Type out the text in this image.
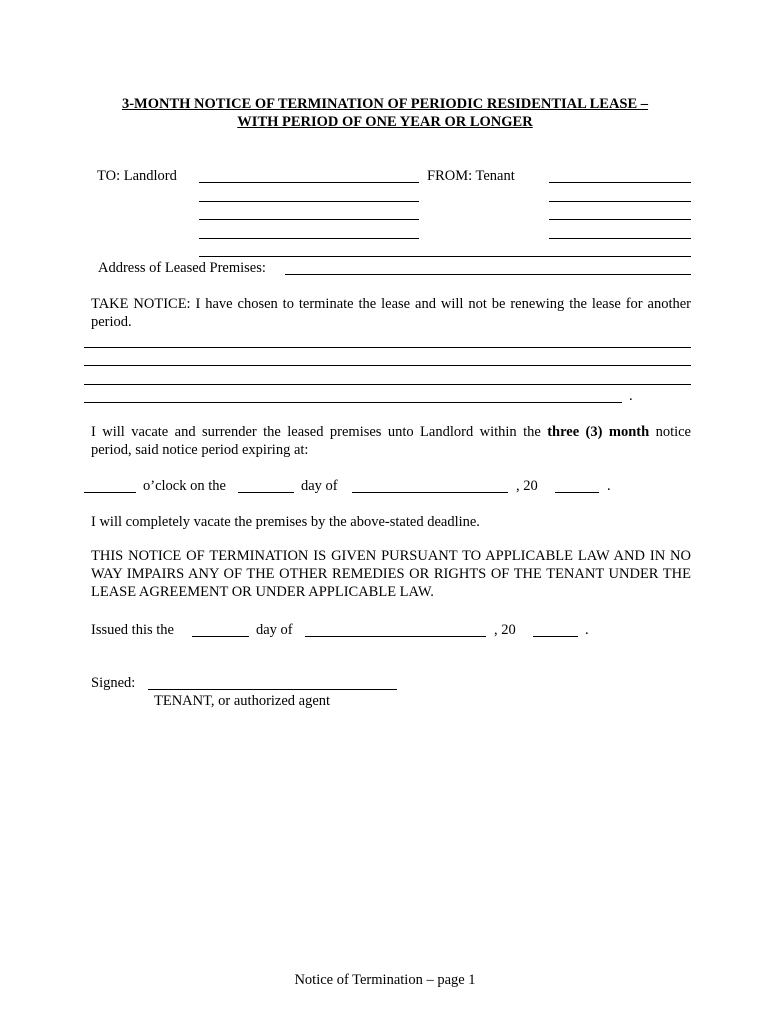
3-MONTH NOTICE OF TERMINATION OF PERIODIC RESIDENTIAL LEASE –
WITH PERIOD OF ONE YEAR OR LONGER
TO: Landlord	FROM: Tenant
Address of Leased Premises:
TAKE NOTICE: I have chosen to terminate the lease and will not be renewing the lease for another period.
.
I will vacate and surrender the leased premises unto Landlord within the three (3) month notice period, said notice period expiring at:
o’clock on the	day of	, 20	.
I will completely vacate the premises by the above-stated deadline.
THIS NOTICE OF TERMINATION IS GIVEN PURSUANT TO APPLICABLE LAW AND IN NO WAY IMPAIRS ANY OF THE OTHER REMEDIES OR RIGHTS OF THE TENANT UNDER THE LEASE AGREEMENT OR UNDER APPLICABLE LAW.
Issued this the	day of	, 20	.
Signed:
TENANT, or authorized agent
Notice of Termination – page 1
